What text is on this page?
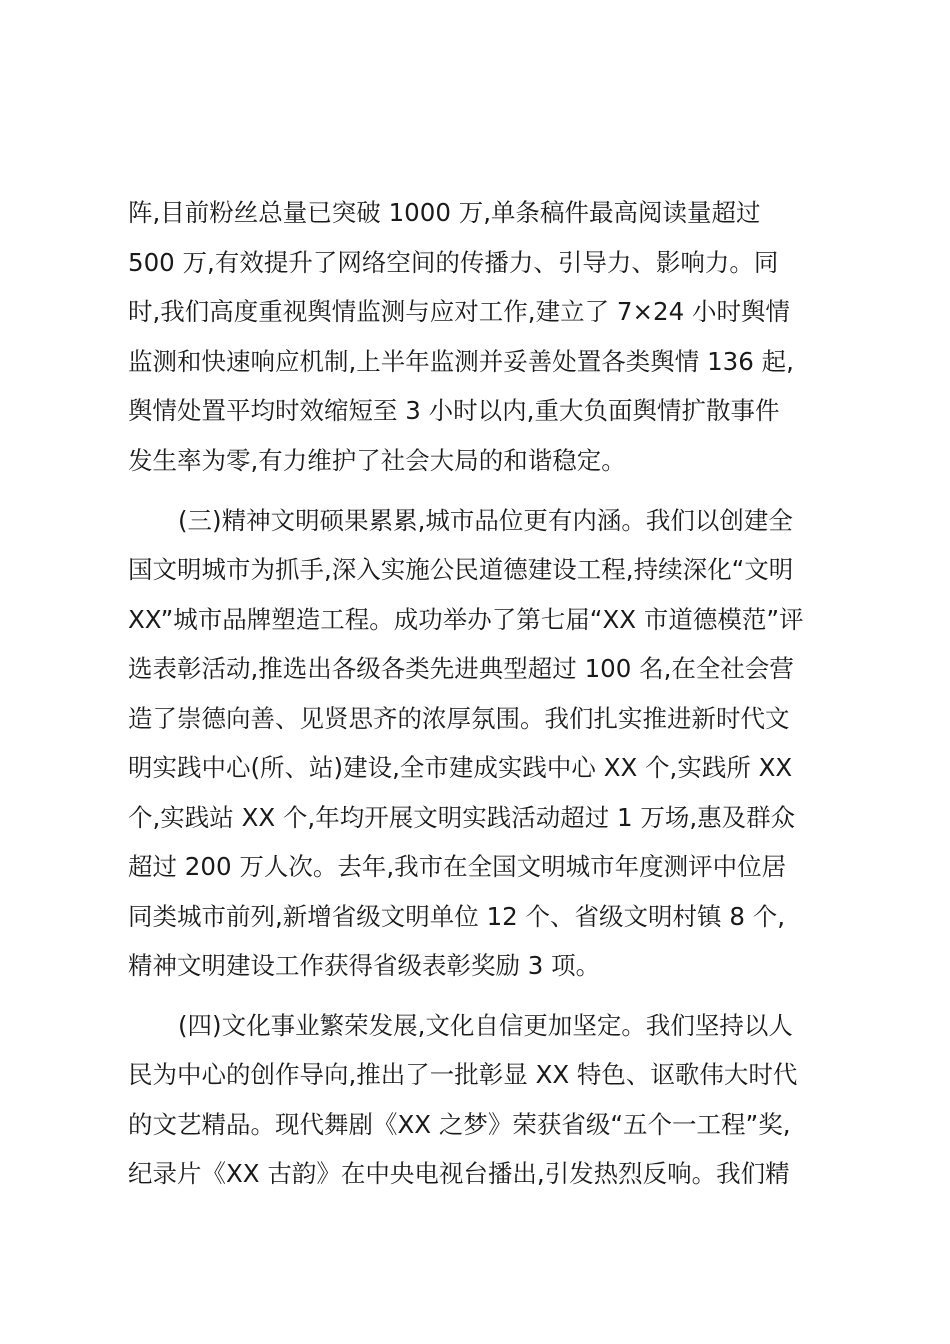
阵,目前粉丝总量已突破 1000 万,单条稿件最高阅读量超过

500 万,有效提升了网络空间的传播力、引导力、影响力。同

时,我们高度重视舆情监测与应对工作,建立了 7×24 小时舆情

监测和快速响应机制,上半年监测并妥善处置各类舆情 136 起,

舆情处置平均时效缩短至 3 小时以内,重大负面舆情扩散事件

发生率为零,有力维护了社会大局的和谐稳定。

(三)精神文明硕果累累,城市品位更有内涵。我们以创建全

国文明城市为抓手,深入实施公民道德建设工程,持续深化“文明

XX”城市品牌塑造工程。成功举办了第七届“XX 市道德模范”评

选表彰活动,推选出各级各类先进典型超过 100 名,在全社会营

造了崇德向善、见贤思齐的浓厚氛围。我们扎实推进新时代文

明实践中心(所、站)建设,全市建成实践中心 XX 个,实践所 XX

个,实践站 XX 个,年均开展文明实践活动超过 1 万场,惠及群众

超过 200 万人次。去年,我市在全国文明城市年度测评中位居

同类城市前列,新增省级文明单位 12 个、省级文明村镇 8 个,

精神文明建设工作获得省级表彰奖励 3 项。

(四)文化事业繁荣发展,文化自信更加坚定。我们坚持以人

民为中心的创作导向,推出了一批彰显 XX 特色、讴歌伟大时代

的文艺精品。现代舞剧《XX 之梦》荣获省级“五个一工程”奖,

纪录片《XX 古韵》在中央电视台播出,引发热烈反响。我们精
